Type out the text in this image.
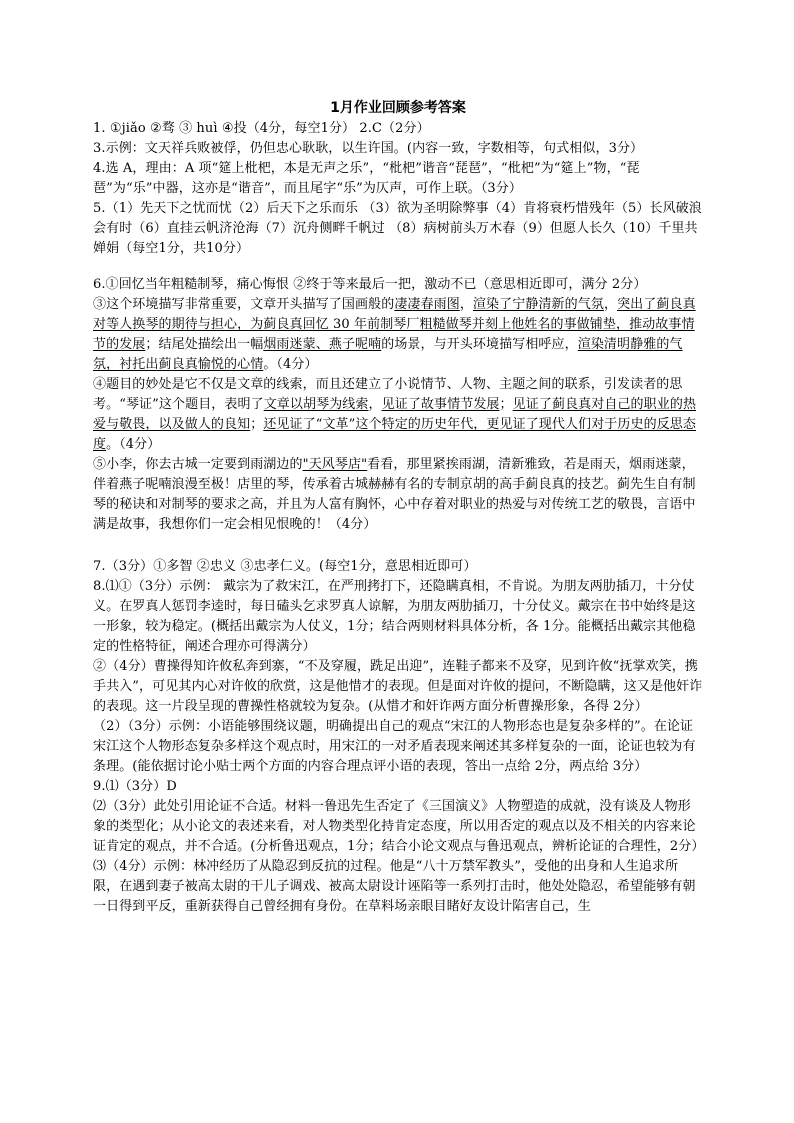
1月作业回顾参考答案

1. ①jiǎo ②骛 ③ huì ④投（4分，每空1分） 2.C（2分）

3.示例：文天祥兵败被俘，仍但忠心耿耿，以生许国。(内容一致，字数相等，句式相似，3分）

4.选 A，理由：A 项“筵上枇杷，本是无声之乐”，“枇杷”谐音“琵琶”，“枇杷”为“筵上”物，“琵琶”为“乐”中器，这亦是“谐音”，而且尾字“乐”为仄声，可作上联。（3分）

5.（1）先天下之忧而忧（2）后天下之乐而乐 （3）欲为圣明除弊事（4）肯将衰朽惜残年（5）长风破浪会有时（6）直挂云帆济沧海（7）沉舟侧畔千帆过 （8）病树前头万木春（9）但愿人长久（10）千里共婵娟（每空1分，共10分）

6.①回忆当年粗糙制琴，痛心悔恨 ②终于等来最后一把，激动不已（意思相近即可，满分 2分）

③这个环境描写非常重要，文章开头描写了国画般的凄凄春雨图，渲染了宁静清新的气氛，突出了蓟良真对等人换琴的期待与担心，为蓟良真回忆 30 年前制琴厂粗糙做琴并刻上他姓名的事做铺垫，推动故事情节的发展；结尾处描绘出一幅烟雨迷蒙、燕子呢喃的场景，与开头环境描写相呼应，渲染清明静雅的气氛，衬托出蓟良真愉悦的心情。（4分）

④题目的妙处是它不仅是文章的线索，而且还建立了小说情节、人物、主题之间的联系，引发读者的思考。“琴证”这个题目，表明了文章以胡琴为线索，见证了故事情节发展；见证了蓟良真对自己的职业的热爱与敬畏，以及做人的良知；还见证了“文革”这个特定的历史年代，更见证了现代人们对于历史的反思态度。（4分）

⑤小李，你去古城一定要到雨湖边的"天风琴店"看看，那里紧挨雨湖，清新雅致，若是雨天，烟雨迷蒙，伴着燕子呢喃浪漫至极！店里的琴，传承着古城赫赫有名的专制京胡的高手蓟良真的技艺。蓟先生自有制琴的秘诀和对制琴的要求之高，并且为人富有胸怀，心中存着对职业的热爱与对传统工艺的敬畏，言语中满是故事，我想你们一定会相见恨晚的！（4分）

7.（3分）①多智 ②忠义 ③忠孝仁义。(每空1分，意思相近即可）

8.⑴①（3分）示例： 戴宗为了救宋江，在严刑拷打下，还隐瞒真相，不肯说。为朋友两肋插刀，十分仗义。在罗真人惩罚李逵时，每日磕头乞求罗真人谅解，为朋友两肋插刀，十分仗义。戴宗在书中始终是这一形象，较为稳定。(概括出戴宗为人仗义，1分；结合两则材料具体分析，各 1分。能概括出戴宗其他稳定的性格特征，阐述合理亦可得满分）

②（4分）曹操得知许攸私奔到寨，“不及穿履，跣足出迎”，连鞋子都来不及穿，见到许攸“抚掌欢笑，携手共入”，可见其内心对许攸的欣赏，这是他惜才的表现。但是面对许攸的提问，不断隐瞒，这又是他奸诈的表现。这一片段呈现的曹操性格就较为复杂。(从惜才和奸诈两方面分析曹操形象，各得 2分）

（2）（3分）示例：小语能够围绕议题，明确提出自己的观点“宋江的人物形态也是复杂多样的”。在论证宋江这个人物形态复杂多样这个观点时，用宋江的一对矛盾表现来阐述其多样复杂的一面，论证也较为有条理。(能依据讨论小贴士两个方面的内容合理点评小语的表现，答出一点给 2分，两点给 3分）

9.⑴（3分）D

⑵（3分）此处引用论证不合适。材料一鲁迅先生否定了《三国演义》人物塑造的成就，没有谈及人物形象的类型化；从小论文的表述来看，对人物类型化持肯定态度，所以用否定的观点以及不相关的内容来论证肯定的观点，并不合适。(分析鲁迅观点，1分；结合小论文观点与鲁迅观点，辨析论证的合理性，2分）

⑶（4分）示例：林冲经历了从隐忍到反抗的过程。他是“八十万禁军教头”，受他的出身和人生追求所限，在遇到妻子被高太尉的干儿子调戏、被高太尉设计诬陷等一系列打击时，他处处隐忍，希望能够有朝一日得到平反，重新获得自己曾经拥有身份。在草料场亲眼目睹好友设计陷害自己，生
